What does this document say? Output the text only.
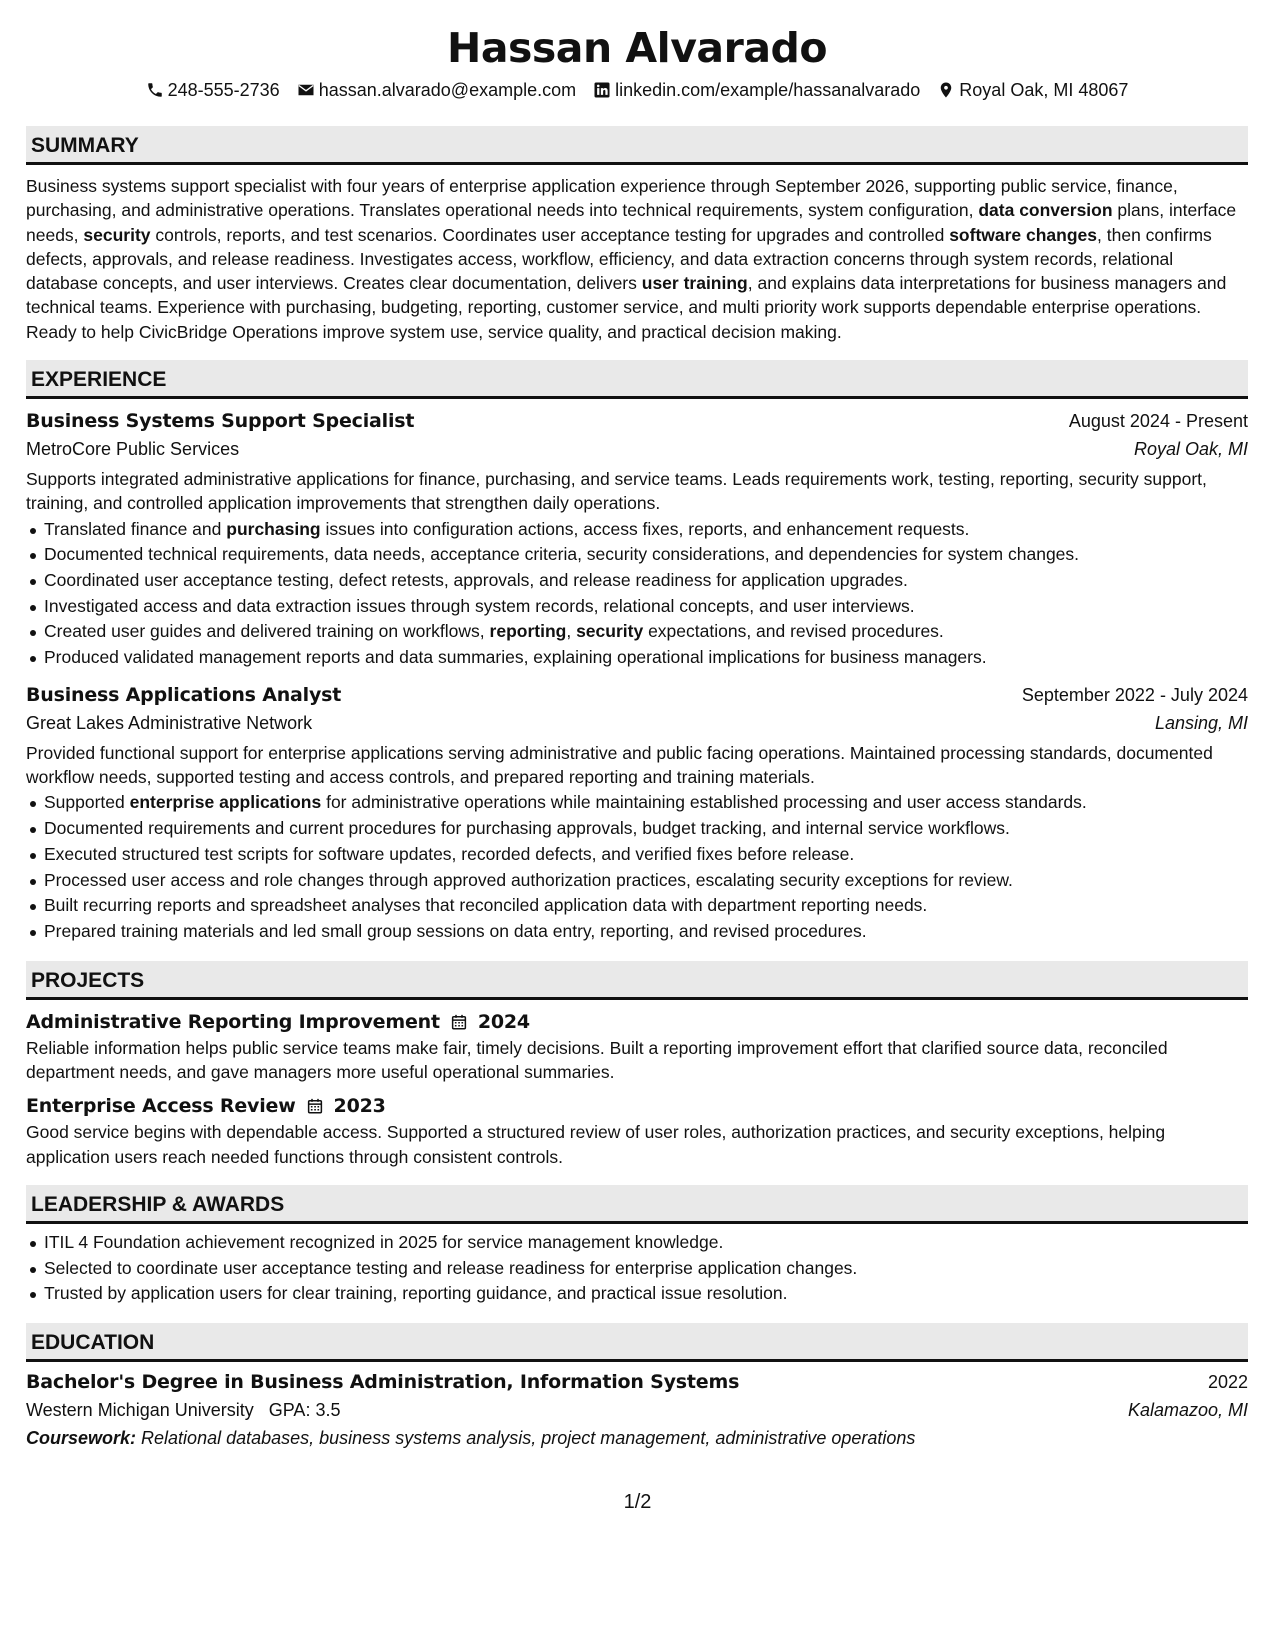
Hassan Alvarado
248-555-2736 hassan.alvarado@example.com linkedin.com/example/hassanalvarado Royal Oak, MI 48067
SUMMARY

Business systems support specialist with four years of enterprise application experience through September 2026, supporting public service, finance, purchasing, and administrative operations. Translates operational needs into technical requirements, system configuration, data conversion plans, interface needs, security controls, reports, and test scenarios. Coordinates user acceptance testing for upgrades and controlled software changes, then confirms defects, approvals, and release readiness. Investigates access, workflow, efficiency, and data extraction concerns through system records, relational database concepts, and user interviews. Creates clear documentation, delivers user training, and explains data interpretations for business managers and technical teams. Experience with purchasing, budgeting, reporting, customer service, and multi priority work supports dependable enterprise operations. Ready to help CivicBridge Operations improve system use, service quality, and practical decision making.

EXPERIENCE
Business Systems Support Specialist	August 2024 - Present
MetroCore Public Services	Royal Oak, MI

Supports integrated administrative applications for finance, purchasing, and service teams. Leads requirements work, testing, reporting, security support, training, and controlled application improvements that strengthen daily operations.

Translated finance and purchasing issues into configuration actions, access fixes, reports, and enhancement requests.
Documented technical requirements, data needs, acceptance criteria, security considerations, and dependencies for system changes.
Coordinated user acceptance testing, defect retests, approvals, and release readiness for application upgrades.
Investigated access and data extraction issues through system records, relational concepts, and user interviews.
Created user guides and delivered training on workflows, reporting, security expectations, and revised procedures.
Produced validated management reports and data summaries, explaining operational implications for business managers.
Business Applications Analyst	September 2022 - July 2024
Great Lakes Administrative Network	Lansing, MI

Provided functional support for enterprise applications serving administrative and public facing operations. Maintained processing standards, documented workflow needs, supported testing and access controls, and prepared reporting and training materials.

Supported enterprise applications for administrative operations while maintaining established processing and user access standards.
Documented requirements and current procedures for purchasing approvals, budget tracking, and internal service workflows.
Executed structured test scripts for software updates, recorded defects, and verified fixes before release.
Processed user access and role changes through approved authorization practices, escalating security exceptions for review.
Built recurring reports and spreadsheet analyses that reconciled application data with department reporting needs.
Prepared training materials and led small group sessions on data entry, reporting, and revised procedures.
PROJECTS
Administrative Reporting Improvement 2024

Reliable information helps public service teams make fair, timely decisions. Built a reporting improvement effort that clarified source data, reconciled department needs, and gave managers more useful operational summaries.

Enterprise Access Review 2023

Good service begins with dependable access. Supported a structured review of user roles, authorization practices, and security exceptions, helping application users reach needed functions through consistent controls.

LEADERSHIP & AWARDS
ITIL 4 Foundation achievement recognized in 2025 for service management knowledge.
Selected to coordinate user acceptance testing and release readiness for enterprise application changes.
Trusted by application users for clear training, reporting guidance, and practical issue resolution.
EDUCATION
Bachelor's Degree in Business Administration, Information Systems	2022
Western Michigan University GPA: 3.5	Kalamazoo, MI
Coursework: Relational databases, business systems analysis, project management, administrative operations
1/2
